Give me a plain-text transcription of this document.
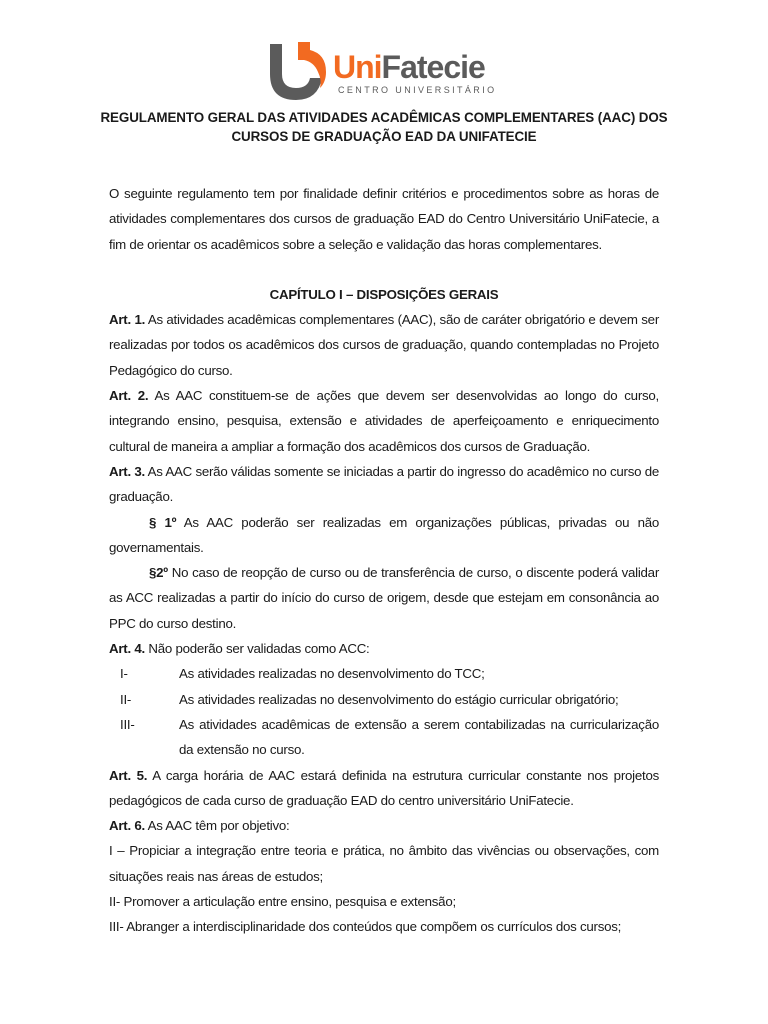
UniFatecie
CENTRO UNIVERSITÁRIO
REGULAMENTO GERAL DAS ATIVIDADES ACADÊMICAS COMPLEMENTARES (AAC) DOS
CURSOS DE GRADUAÇÃO EAD DA UNIFATECIE

O seguinte regulamento tem por finalidade definir critérios e procedimentos sobre as horas de atividades complementares dos cursos de graduação EAD do Centro Universitário UniFatecie, a fim de orientar os acadêmicos sobre a seleção e validação das horas complementares.

CAPÍTULO I – DISPOSIÇÕES GERAIS

Art. 1. As atividades acadêmicas complementares (AAC), são de caráter obrigatório e devem ser realizadas por todos os acadêmicos dos cursos de graduação, quando contempladas no Projeto Pedagógico do curso.

Art. 2. As AAC constituem-se de ações que devem ser desenvolvidas ao longo do curso, integrando ensino, pesquisa, extensão e atividades de aperfeiçoamento e enriquecimento cultural de maneira a ampliar a formação dos acadêmicos dos cursos de Graduação.

Art. 3. As AAC serão válidas somente se iniciadas a partir do ingresso do acadêmico no curso de graduação.

§ 1º As AAC poderão ser realizadas em organizações públicas, privadas ou não governamentais.

§2º No caso de reopção de curso ou de transferência de curso, o discente poderá validar as ACC realizadas a partir do início do curso de origem, desde que estejam em consonância ao PPC do curso destino.

Art. 4. Não poderão ser validadas como ACC:

I-	As atividades realizadas no desenvolvimento do TCC;
II-	As atividades realizadas no desenvolvimento do estágio curricular obrigatório;
III-	As atividades acadêmicas de extensão a serem contabilizadas na curricularização da extensão no curso.

Art. 5. A carga horária de AAC estará definida na estrutura curricular constante nos projetos pedagógicos de cada curso de graduação EAD do centro universitário UniFatecie.

Art. 6. As AAC têm por objetivo:

I – Propiciar a integração entre teoria e prática, no âmbito das vivências ou observações, com situações reais nas áreas de estudos;

II- Promover a articulação entre ensino, pesquisa e extensão;

III- Abranger a interdisciplinaridade dos conteúdos que compõem os currículos dos cursos;
